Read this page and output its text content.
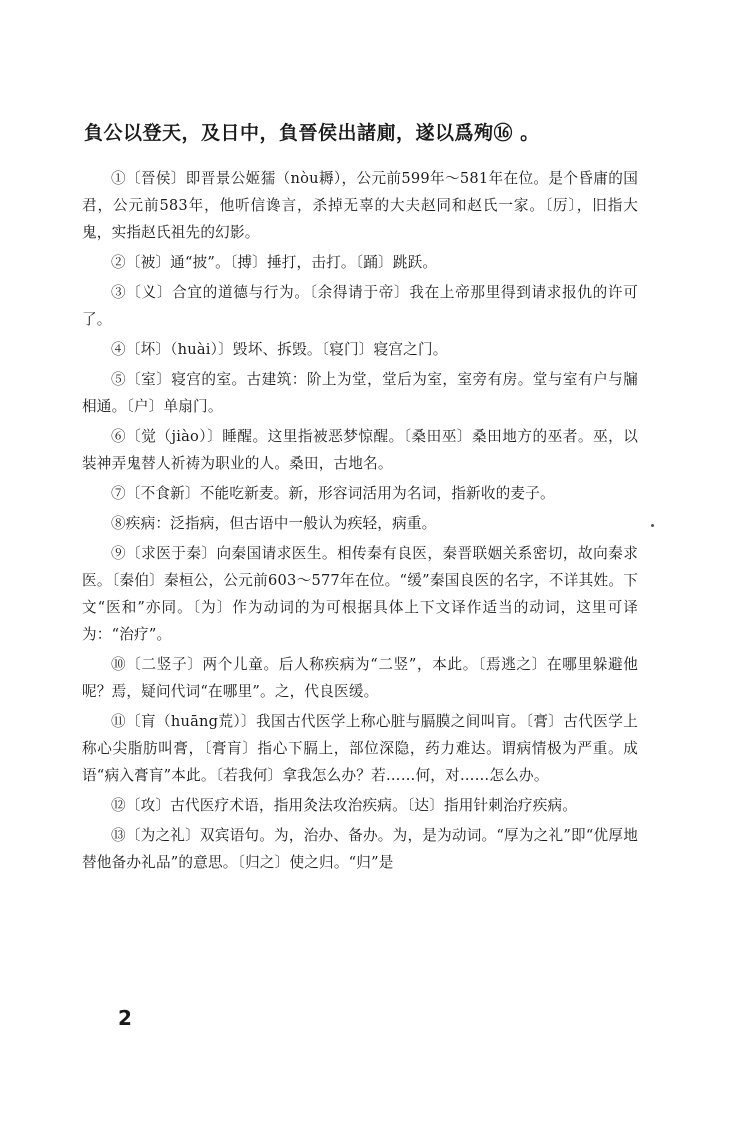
負公以登天，及日中，負晉侯出諸廁，遂以爲殉⑯ 。

①〔晉侯〕即晋景公姬獳（nòu耨），公元前599年～581年在位。是个昏庸的国君，公元前583年，他听信谗言，杀掉无辜的大夫赵同和赵氏一家。〔厉〕，旧指大鬼，实指赵氏祖先的幻影。

②〔被〕通“披”。〔搏〕捶打，击打。〔踊〕跳跃。

③〔义〕合宜的道德与行为。〔余得请于帝〕我在上帝那里得到请求报仇的许可了。

④〔坏〕（huài）〕毁坏、拆毁。〔寝门〕寝宫之门。

⑤〔室〕寝宫的室。古建筑：阶上为堂，堂后为室，室旁有房。堂与室有户与牖相通。〔户〕单扇门。

⑥〔觉（jiào）〕睡醒。这里指被恶梦惊醒。〔桑田巫〕桑田地方的巫者。巫，以装神弄鬼替人祈祷为职业的人。桑田，古地名。

⑦〔不食新〕不能吃新麦。新，形容词活用为名词，指新收的麦子。

⑧疾病：泛指病，但古语中一般认为疾轻，病重。

⑨〔求医于秦〕向秦国请求医生。相传秦有良医，秦晋联姻关系密切，故向秦求医。〔秦伯〕秦桓公，公元前603～577年在位。“缓”秦国良医的名字，不详其姓。下文“医和”亦同。〔为〕作为动词的为可根据具体上下文译作适当的动词，这里可译为：“治疗”。

⑩〔二竖子〕两个儿童。后人称疾病为“二竖”，本此。〔焉逃之〕在哪里躲避他呢？焉，疑问代词“在哪里”。之，代良医缓。

⑪〔肓（huāng荒）〕我国古代医学上称心脏与膈膜之间叫肓。〔膏〕古代医学上称心尖脂肪叫膏，〔膏肓〕指心下膈上，部位深隐，药力难达。谓病情极为严重。成语“病入膏肓”本此。〔若我何〕拿我怎么办？若……何，对……怎么办。

⑫〔攻〕古代医疗术语，指用灸法攻治疾病。〔达〕指用针刺治疗疾病。

⑬〔为之礼〕双宾语句。为，治办、备办。为，是为动词。“厚为之礼”即“优厚地替他备办礼品”的意思。〔归之〕使之归。“归”是

2
